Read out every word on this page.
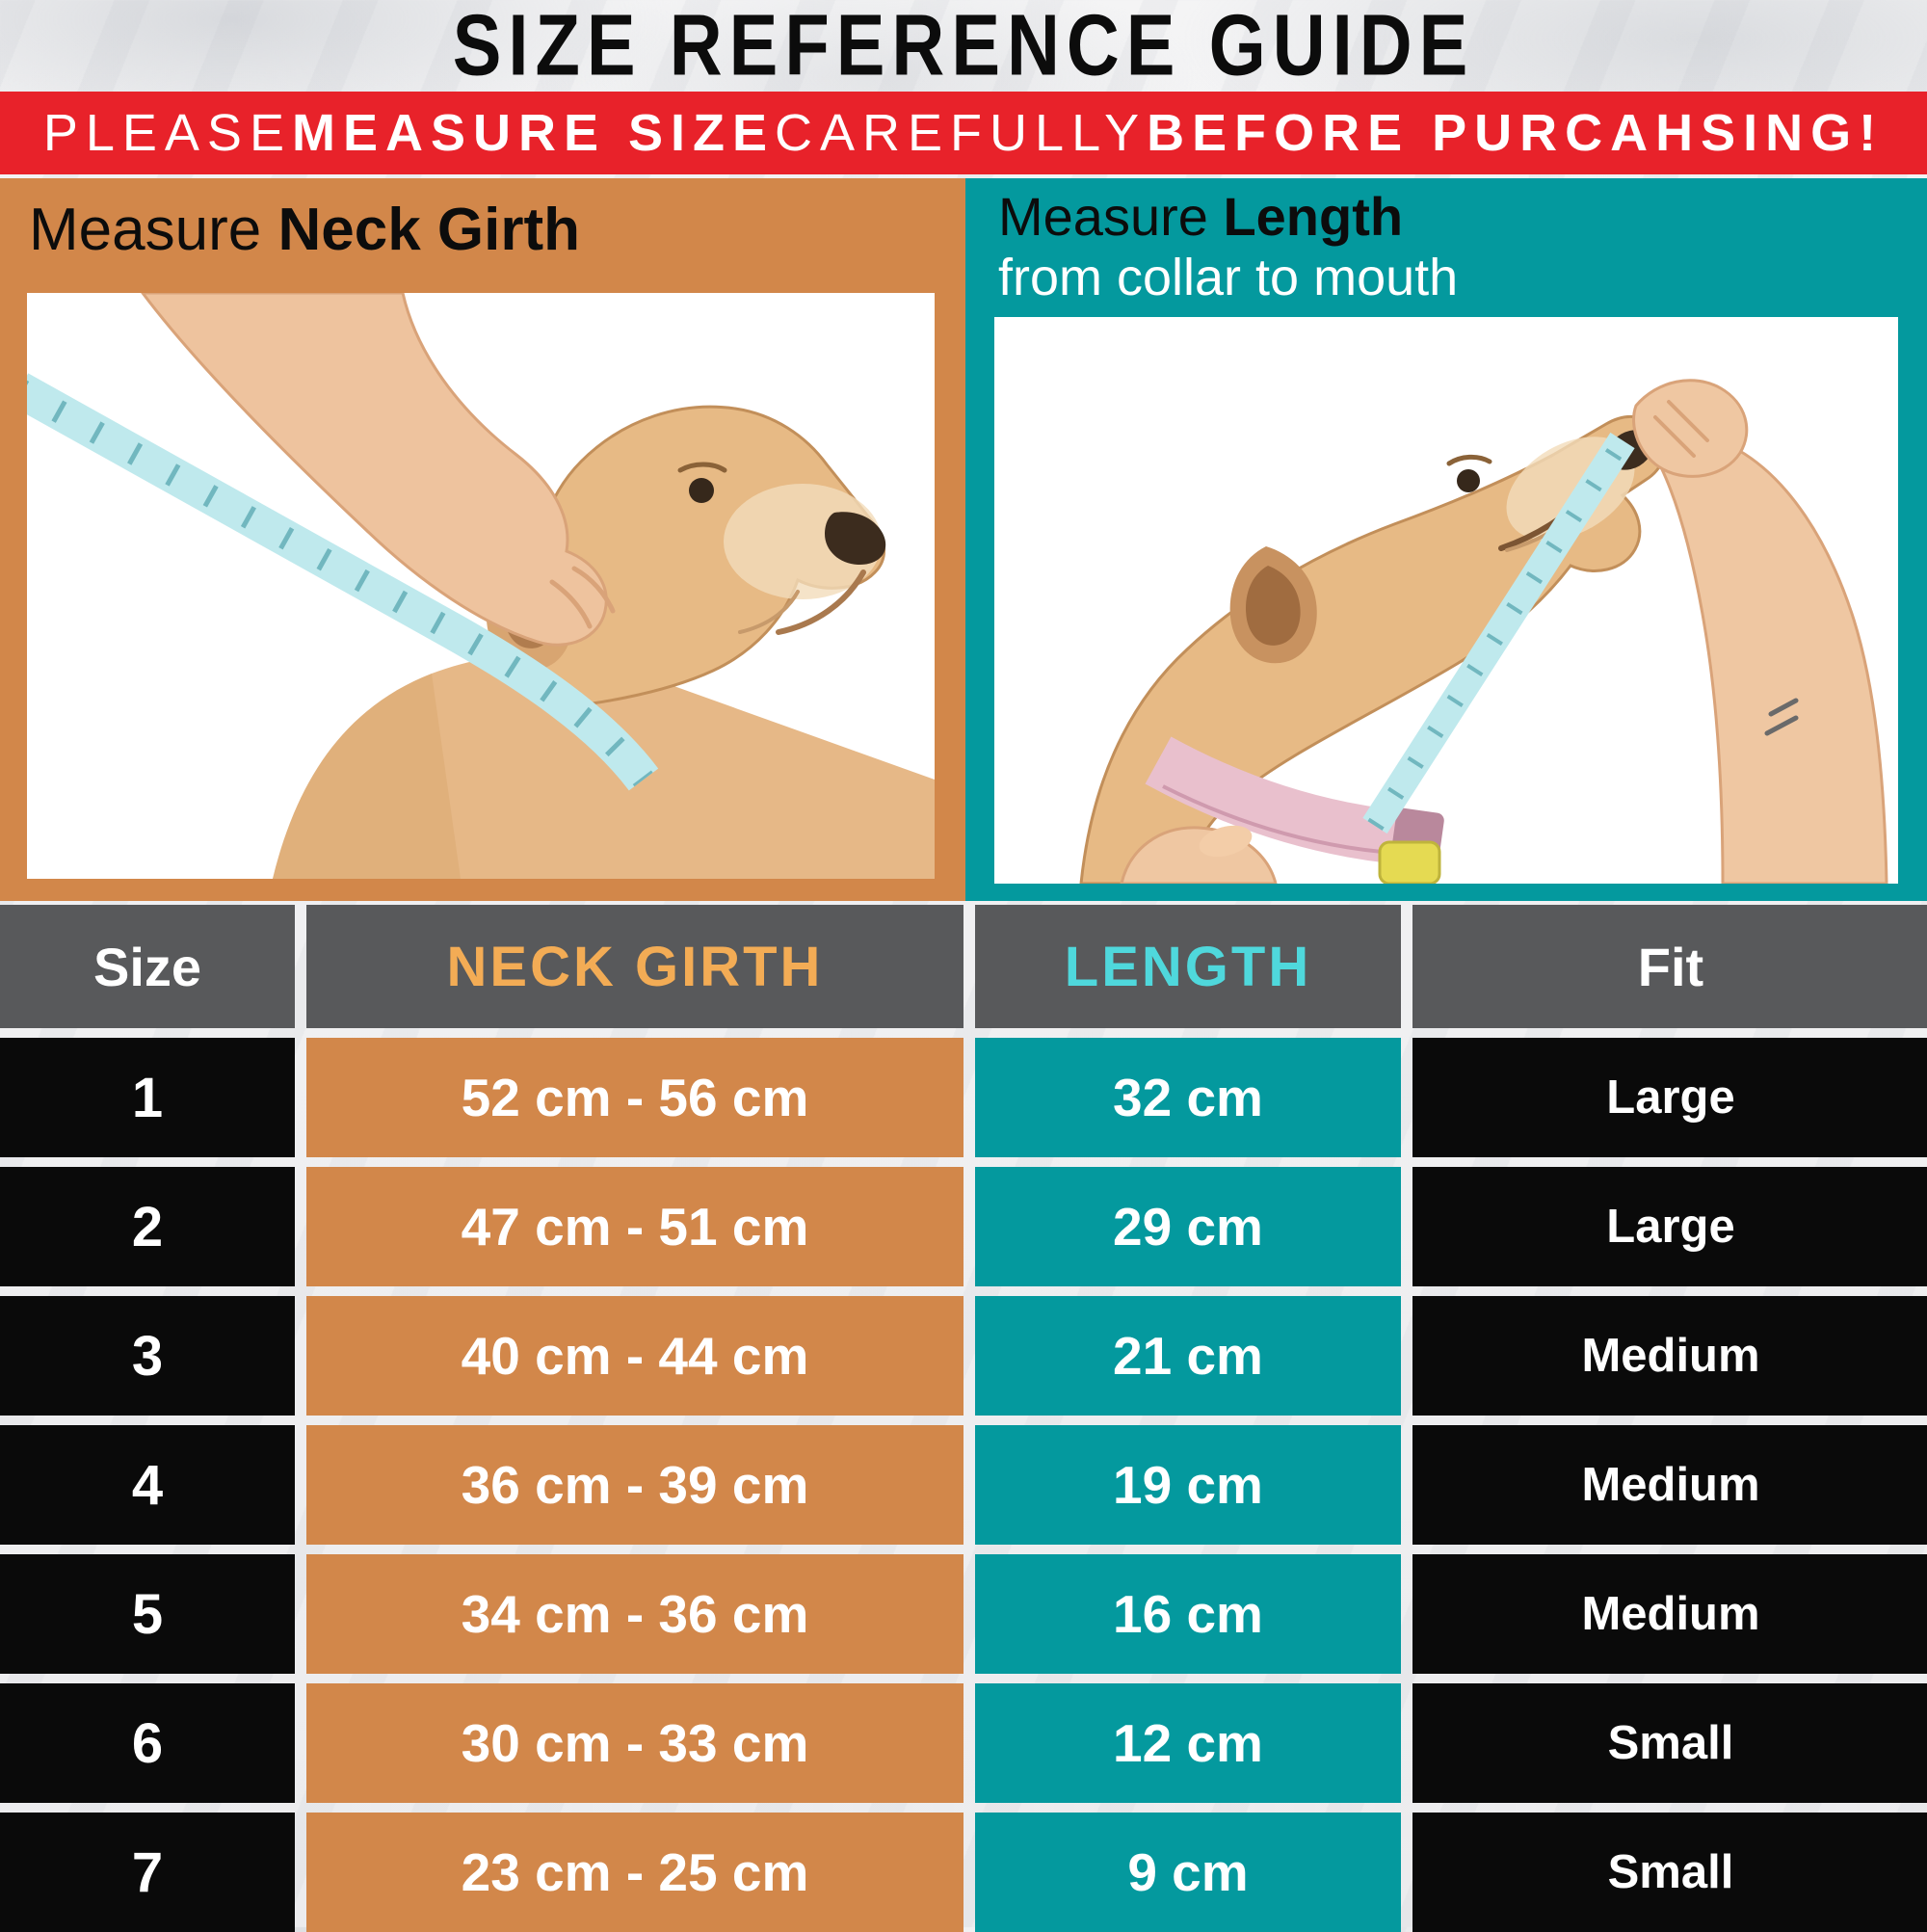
SIZE REFERENCE GUIDE
PLEASE MEASURE SIZE CAREFULLY BEFORE PURCAHSING!
Measure Neck Girth	Measure Length
from collar to mouth
Size	NECK GIRTH	LENGTH	Fit
1	52 cm - 56 cm	32 cm	Large
2	47 cm - 51 cm	29 cm	Large
3	40 cm - 44 cm	21 cm	Medium
4	36 cm - 39 cm	19 cm	Medium
5	34 cm - 36 cm	16 cm	Medium
6	30 cm - 33 cm	12 cm	Small
7	23 cm - 25 cm	9 cm	Small
